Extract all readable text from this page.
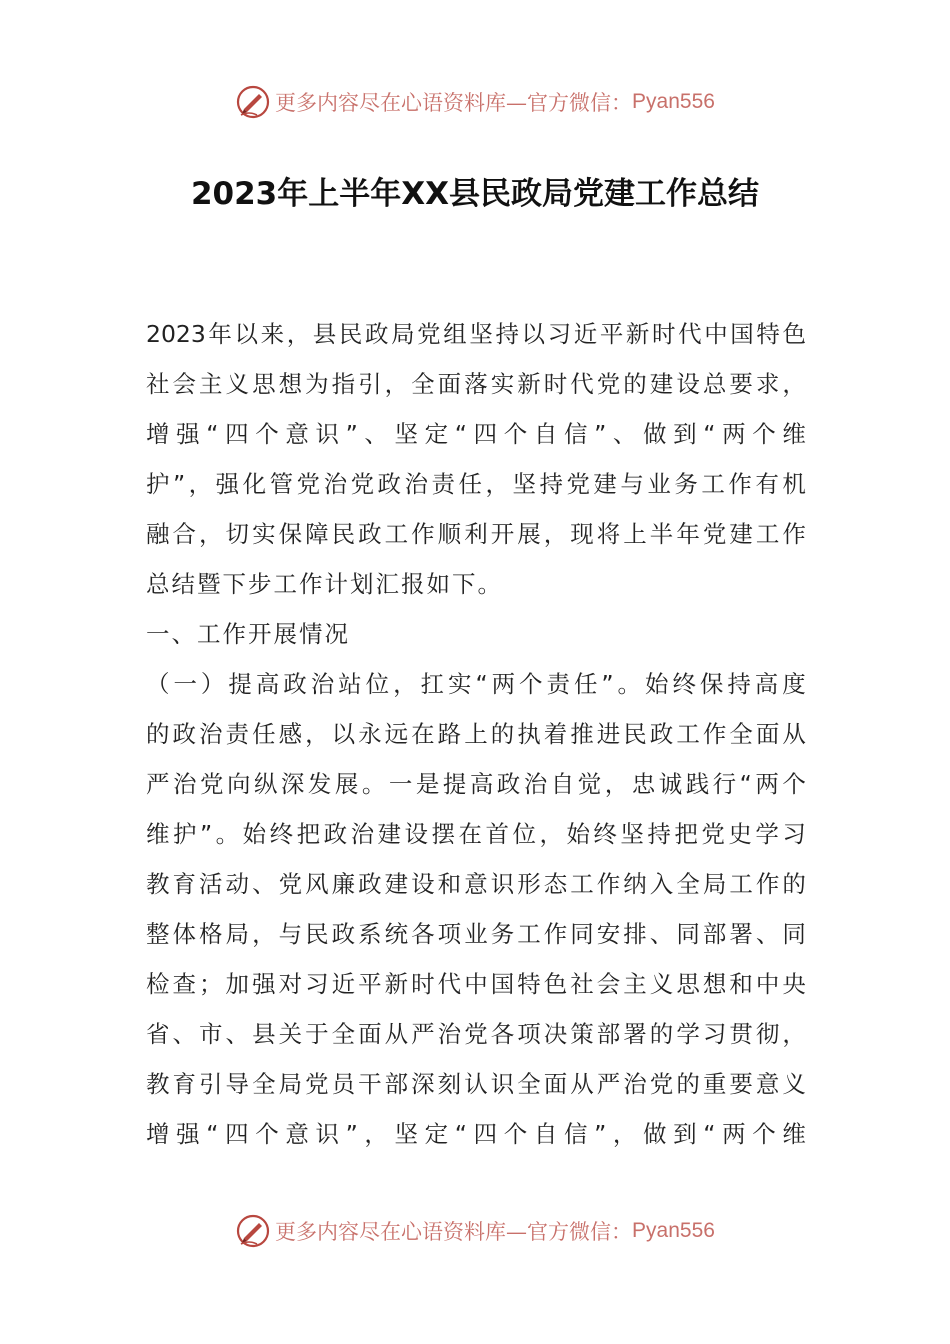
更多内容尽在心语资料库—官方微信： Pyan556
2023年上半年XX县民政局党建工作总结
2023 年 以 来 ， 县 民 政 局 党 组 坚 持 以 习 近 平 新 时 代 中 国 特 色
社 会 主 义 思 想 为 指 引 ， 全 面 落 实 新 时 代 党 的 建 设 总 要 求 ，
增 强 “ 四 个 意 识 ” 、 坚 定 “ 四 个 自 信 ” 、 做 到 “ 两 个 维
护 ” ， 强 化 管 党 治 党 政 治 责 任 ， 坚 持 党 建 与 业 务 工 作 有 机
融 合 ， 切 实 保 障 民 政 工 作 顺 利 开 展 ， 现 将 上 半 年 党 建 工 作
总结暨下步工作计划汇报如下。
一、工作开展情况
（ 一 ） 提 高 政 治 站 位 ， 扛 实 “ 两 个 责 任 ” 。 始 终 保 持 高 度
的 政 治 责 任 感 ， 以 永 远 在 路 上 的 执 着 推 进 民 政 工 作 全 面 从
严 治 党 向 纵 深 发 展 。 一 是 提 高 政 治 自 觉 ， 忠 诚 践 行 “ 两 个
维 护 ” 。 始 终 把 政 治 建 设 摆 在 首 位 ， 始 终 坚 持 把 党 史 学 习
教 育 活 动 、 党 风 廉 政 建 设 和 意 识 形 态 工 作 纳 入 全 局 工 作 的
整 体 格 局 ， 与 民 政 系 统 各 项 业 务 工 作 同 安 排 、 同 部 署 、 同
检 查 ； 加 强 对 习 近 平 新 时 代 中 国 特 色 社 会 主 义 思 想 和 中 央
省 、 市 、 县 关 于 全 面 从 严 治 党 各 项 决 策 部 署 的 学 习 贯 彻 ，
教 育 引 导 全 局 党 员 干 部 深 刻 认 识 全 面 从 严 治 党 的 重 要 意 义
增 强 “ 四 个 意 识 ” ， 坚 定 “ 四 个 自 信 ” ， 做 到 “ 两 个 维
更多内容尽在心语资料库—官方微信： Pyan556
